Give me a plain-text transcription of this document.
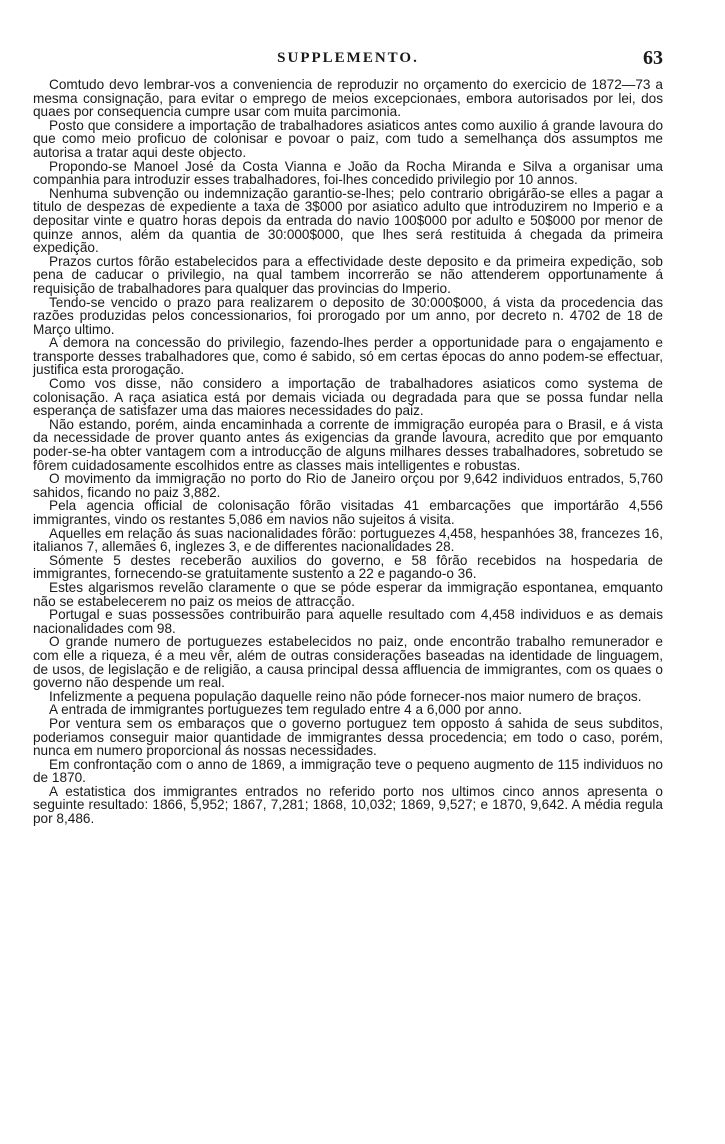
SUPPLEMENTO.	63

Comtudo devo lembrar-vos a conveniencia de reproduzir no orçamento do exercicio de 1872—73 a mesma consignação, para evitar o emprego de meios excepcionaes, embora autorisados por lei, dos quaes por consequencia cumpre usar com muita parcimonia.

Posto que considere a importação de trabalhadores asiaticos antes como auxilio á grande lavoura do que como meio proficuo de colonisar e povoar o paiz, com tudo a semelhança dos assumptos me autorisa a tratar aqui deste objecto.

Propondo-se Manoel José da Costa Vianna e João da Rocha Miranda e Silva a organisar uma companhia para introduzir esses trabalhadores, foi-lhes concedido privilegio por 10 annos.

Nenhuma subvenção ou indemnização garantio-se-lhes; pelo contrario obrigárão-se elles a pagar a titulo de despezas de expediente a taxa de 3$000 por asiatico adulto que introduzirem no Imperio e a depositar vinte e quatro horas depois da entrada do navio 100$000 por adulto e 50$000 por menor de quinze annos, além da quantia de 30:000$000, que lhes será restituida á chegada da primeira expedição.

Prazos curtos fôrão estabelecidos para a effectividade deste deposito e da primeira expedição, sob pena de caducar o privilegio, na qual tambem incorrerão se não attenderem opportunamente á requisição de trabalhadores para qualquer das provincias do Imperio.

Tendo-se vencido o prazo para realizarem o deposito de 30:000$000, á vista da procedencia das razões produzidas pelos concessionarios, foi prorogado por um anno, por decreto n. 4702 de 18 de Março ultimo.

A demora na concessão do privilegio, fazendo-lhes perder a opportunidade para o engajamento e transporte desses trabalhadores que, como é sabido, só em certas épocas do anno podem-se effectuar, justifica esta prorogação.

Como vos disse, não considero a importação de trabalhadores asiaticos como systema de colonisação. A raça asiatica está por demais viciada ou degradada para que se possa fundar nella esperança de satisfazer uma das maiores necessidades do paiz.

Não estando, porém, ainda encaminhada a corrente de immigração européa para o Brasil, e á vista da necessidade de prover quanto antes ás exigencias da grande lavoura, acredito que por emquanto poder-se-ha obter vantagem com a introducção de alguns milhares desses trabalhadores, sobretudo se fôrem cuidadosamente escolhidos entre as classes mais intelligentes e robustas.

O movimento da immigração no porto do Rio de Janeiro orçou por 9,642 individuos entrados, 5,760 sahidos, ficando no paiz 3,882.

Pela agencia official de colonisação fôrão visitadas 41 embarcações que importárão 4,556 immigrantes, vindo os restantes 5,086 em navios não sujeitos á visita.

Aquelles em relação ás suas nacionalidades fôrão: portuguezes 4,458, hespanhóes 38, francezes 16, italianos 7, allemães 6, inglezes 3, e de differentes nacionalidades 28.

Sómente 5 destes receberão auxilios do governo, e 58 fôrão recebidos na hospedaria de immigrantes, fornecendo-se gratuitamente sustento a 22 e pagando-o 36.

Estes algarismos revelão claramente o que se póde esperar da immigração espontanea, emquanto não se estabelecerem no paiz os meios de attracção.

Portugal e suas possessões contribuirão para aquelle resultado com 4,458 individuos e as demais nacionalidades com 98.

O grande numero de portuguezes estabelecidos no paiz, onde encontrão trabalho remunerador e com elle a riqueza, é a meu vêr, além de outras considerações baseadas na identidade de linguagem, de usos, de legislação e de religião, a causa principal dessa affluencia de immigrantes, com os quaes o governo não despende um real.

Infelizmente a pequena população daquelle reino não póde fornecer-nos maior numero de braços.

A entrada de immigrantes portuguezes tem regulado entre 4 a 6,000 por anno.

Por ventura sem os embaraços que o governo portuguez tem opposto á sahida de seus subditos, poderiamos conseguir maior quantidade de immigrantes dessa procedencia; em todo o caso, porém, nunca em numero proporcional ás nossas necessidades.

Em confrontação com o anno de 1869, a immigração teve o pequeno augmento de 115 individuos no de 1870.

A estatistica dos immigrantes entrados no referido porto nos ultimos cinco annos apresenta o seguinte resultado: 1866, 5,952; 1867, 7,281; 1868, 10,032; 1869, 9,527; e 1870, 9,642. A média regula por 8,486.
